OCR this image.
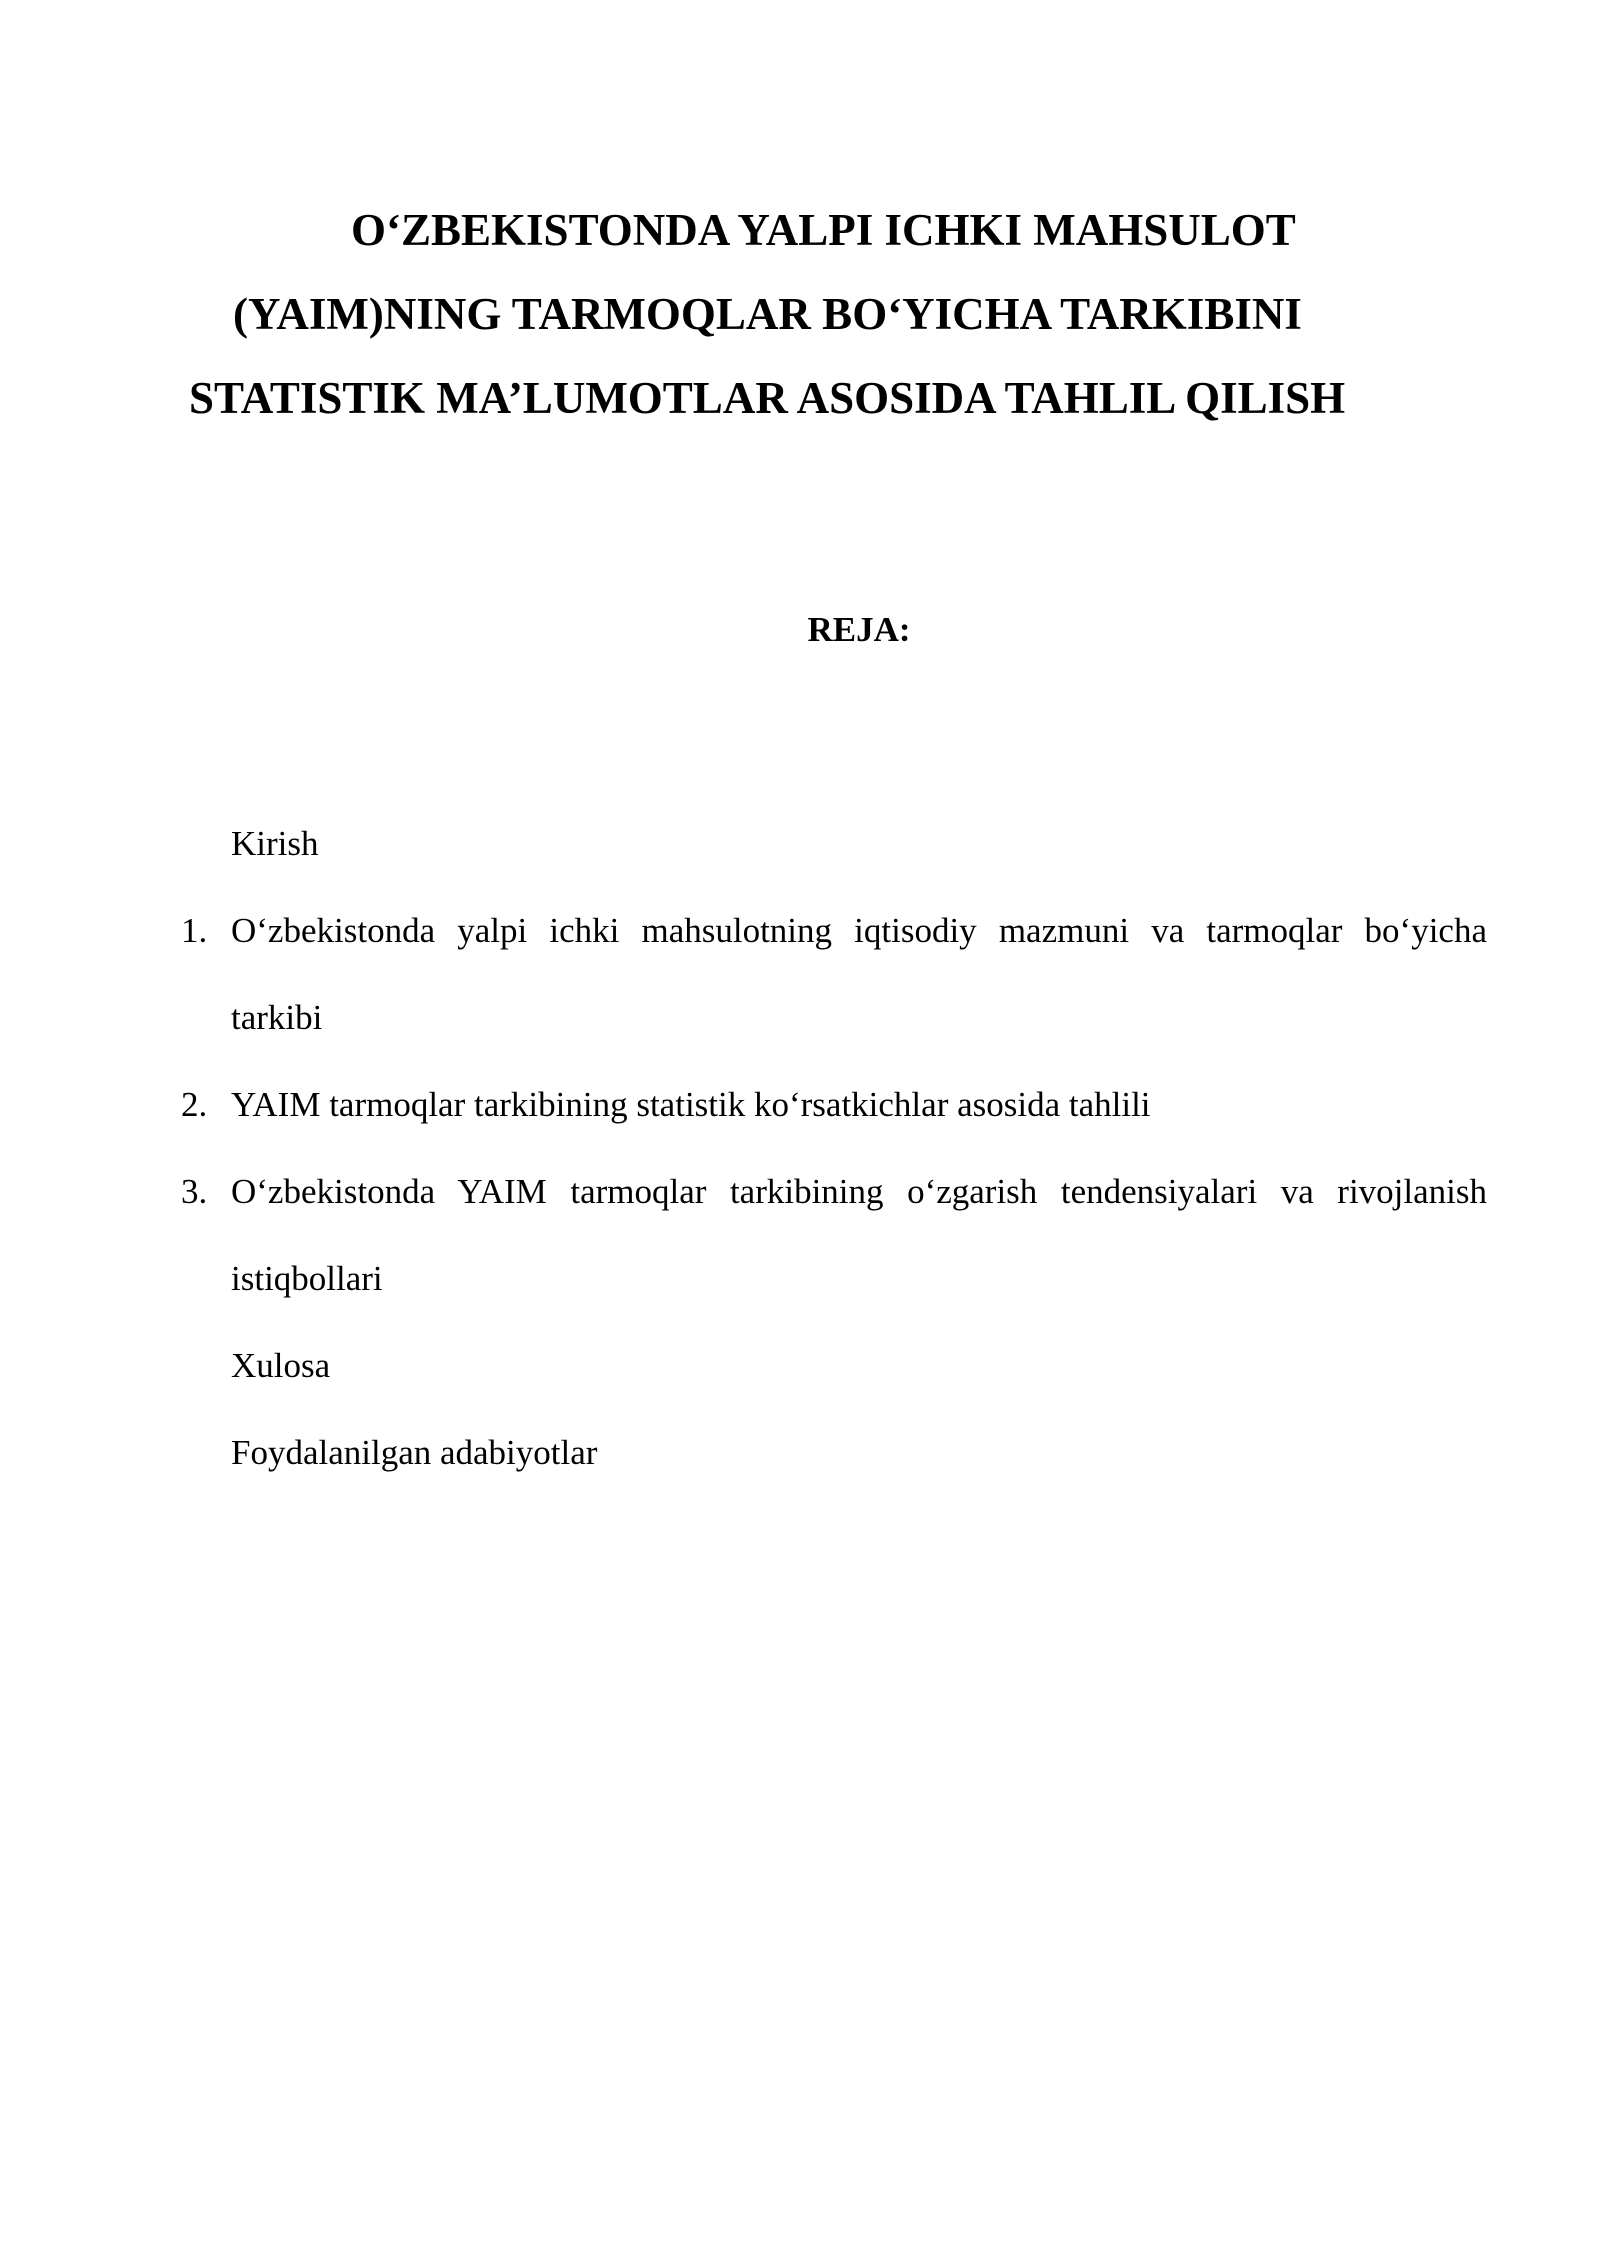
O‘ZBEKISTONDA YALPI ICHKI MAHSULOT
(YAIM)NING TARMOQLAR BO‘YICHA TARKIBINI
STATISTIK MA’LUMOTLAR ASOSIDA TAHLIL QILISH
REJA:
Kirish
1. O‘zbekistonda yalpi ichki mahsulotning iqtisodiy mazmuni va tarmoqlar bo‘yicha
tarkibi
2. YAIM tarmoqlar tarkibining statistik ko‘rsatkichlar asosida tahlili
3. O‘zbekistonda YAIM tarmoqlar tarkibining o‘zgarish tendensiyalari va rivojlanish
istiqbollari
Xulosa
Foydalanilgan adabiyotlar
